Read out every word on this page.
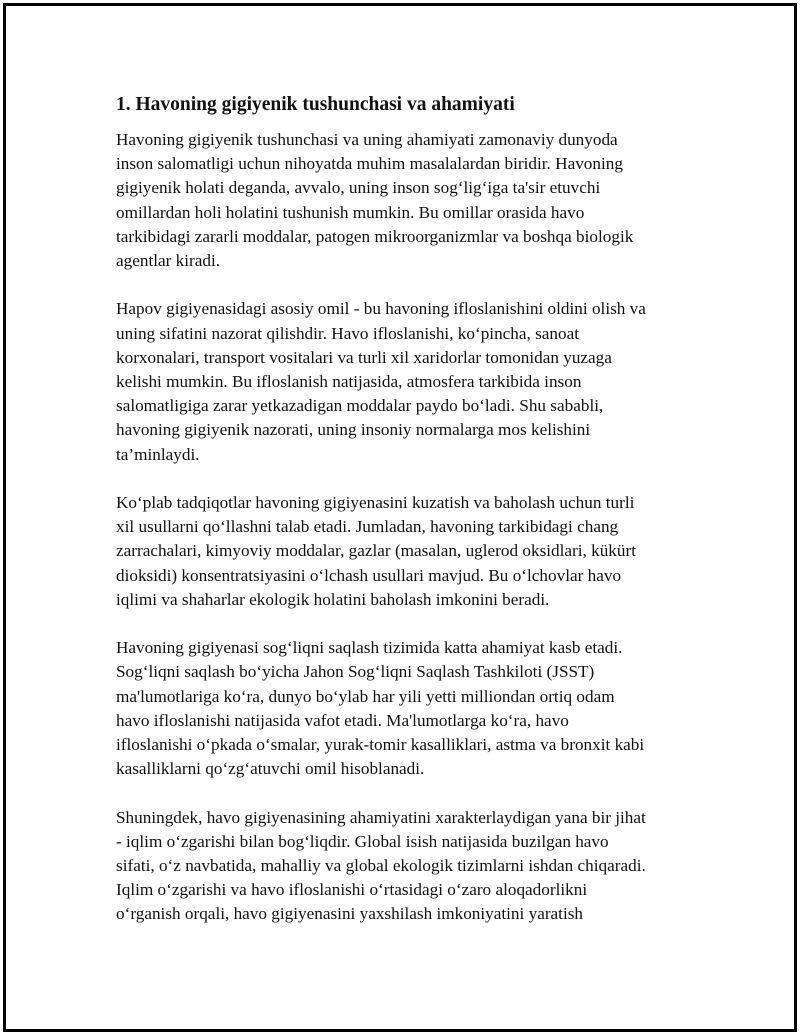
1. Havoning gigiyenik tushunchasi va ahamiyati

Havoning gigiyenik tushunchasi va uning ahamiyati zamonaviy dunyoda
inson salomatligi uchun nihoyatda muhim masalalardan biridir. Havoning
gigiyenik holati deganda, avvalo, uning inson sog‘lig‘iga ta'sir etuvchi
omillardan holi holatini tushunish mumkin. Bu omillar orasida havo
tarkibidagi zararli moddalar, patogen mikroorganizmlar va boshqa biologik
agentlar kiradi.

Hapov gigiyenasidagi asosiy omil - bu havoning ifloslanishini oldini olish va
uning sifatini nazorat qilishdir. Havo ifloslanishi, ko‘pincha, sanoat
korxonalari, transport vositalari va turli xil xaridorlar tomonidan yuzaga
kelishi mumkin. Bu ifloslanish natijasida, atmosfera tarkibida inson
salomatligiga zarar yetkazadigan moddalar paydo bo‘ladi. Shu sababli,
havoning gigiyenik nazorati, uning insoniy normalarga mos kelishini
ta’minlaydi.

Ko‘plab tadqiqotlar havoning gigiyenasini kuzatish va baholash uchun turli
xil usullarni qo‘llashni talab etadi. Jumladan, havoning tarkibidagi chang
zarrachalari, kimyoviy moddalar, gazlar (masalan, uglerod oksidlari, kükürt
dioksidi) konsentratsiyasini o‘lchash usullari mavjud. Bu o‘lchovlar havo
iqlimi va shaharlar ekologik holatini baholash imkonini beradi.

Havoning gigiyenasi sog‘liqni saqlash tizimida katta ahamiyat kasb etadi.
Sog‘liqni saqlash bo‘yicha Jahon Sog‘liqni Saqlash Tashkiloti (JSST)
ma'lumotlariga ko‘ra, dunyo bo‘ylab har yili yetti milliondan ortiq odam
havo ifloslanishi natijasida vafot etadi. Ma'lumotlarga ko‘ra, havo
ifloslanishi o‘pkada o‘smalar, yurak-tomir kasalliklari, astma va bronxit kabi
kasalliklarni qo‘zg‘atuvchi omil hisoblanadi.

Shuningdek, havo gigiyenasining ahamiyatini xarakterlaydigan yana bir jihat
- iqlim o‘zgarishi bilan bog‘liqdir. Global isish natijasida buzilgan havo
sifati, o‘z navbatida, mahalliy va global ekologik tizimlarni ishdan chiqaradi.
Iqlim o‘zgarishi va havo ifloslanishi o‘rtasidagi o‘zaro aloqadorlikni
o‘rganish orqali, havo gigiyenasini yaxshilash imkoniyatini yaratish
